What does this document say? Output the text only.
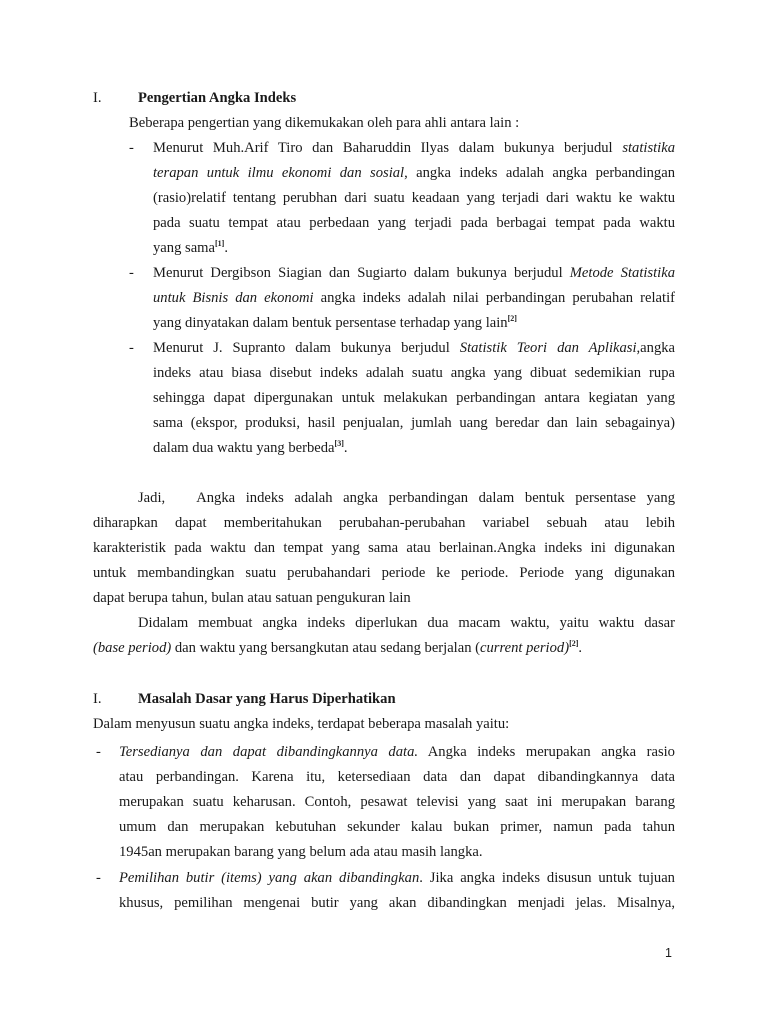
I. Pengertian Angka Indeks
Beberapa pengertian yang dikemukakan oleh para ahli antara lain :
- Menurut Muh.Arif Tiro dan Baharuddin Ilyas dalam bukunya berjudul statistika
terapan untuk ilmu ekonomi dan sosial, angka indeks adalah angka perbandingan
(rasio)relatif tentang perubhan dari suatu keadaan yang terjadi dari waktu ke waktu
pada suatu tempat atau perbedaan yang terjadi pada berbagai tempat pada waktu
yang sama[1].
- Menurut Dergibson Siagian dan Sugiarto dalam bukunya berjudul Metode Statistika
untuk Bisnis dan ekonomi angka indeks adalah nilai perbandingan perubahan relatif
yang dinyatakan dalam bentuk persentase terhadap yang lain[2]
- Menurut J. Supranto dalam bukunya berjudul Statistik Teori dan Aplikasi,angka
indeks atau biasa disebut indeks adalah suatu angka yang dibuat sedemikian rupa
sehingga dapat dipergunakan untuk melakukan perbandingan antara kegiatan yang
sama (ekspor, produksi, hasil penjualan, jumlah uang beredar dan lain sebagainya)
dalam dua waktu yang berbeda[3].
Jadi,   Angka indeks adalah angka perbandingan dalam bentuk persentase yang
diharapkan dapat memberitahukan perubahan-perubahan variabel sebuah atau lebih
karakteristik pada waktu dan tempat yang sama atau berlainan.Angka indeks ini digunakan
untuk membandingkan suatu perubahandari periode ke periode. Periode yang digunakan
dapat berupa tahun, bulan atau satuan pengukuran lain
Didalam membuat angka indeks diperlukan dua macam waktu, yaitu waktu dasar
(base period) dan waktu yang bersangkutan atau sedang berjalan (current period)[2].
I. Masalah Dasar yang Harus Diperhatikan
Dalam menyusun suatu angka indeks, terdapat beberapa masalah yaitu:
- Tersedianya dan dapat dibandingkannya data. Angka indeks merupakan angka rasio
atau perbandingan. Karena itu, ketersediaan data dan dapat dibandingkannya data
merupakan suatu keharusan. Contoh, pesawat televisi yang saat ini merupakan barang
umum dan merupakan kebutuhan sekunder kalau bukan primer, namun pada tahun
1945an merupakan barang yang belum ada atau masih langka.
- Pemilihan butir (items) yang akan dibandingkan. Jika angka indeks disusun untuk tujuan
khusus, pemilihan mengenai butir yang akan dibandingkan menjadi jelas. Misalnya,
1
